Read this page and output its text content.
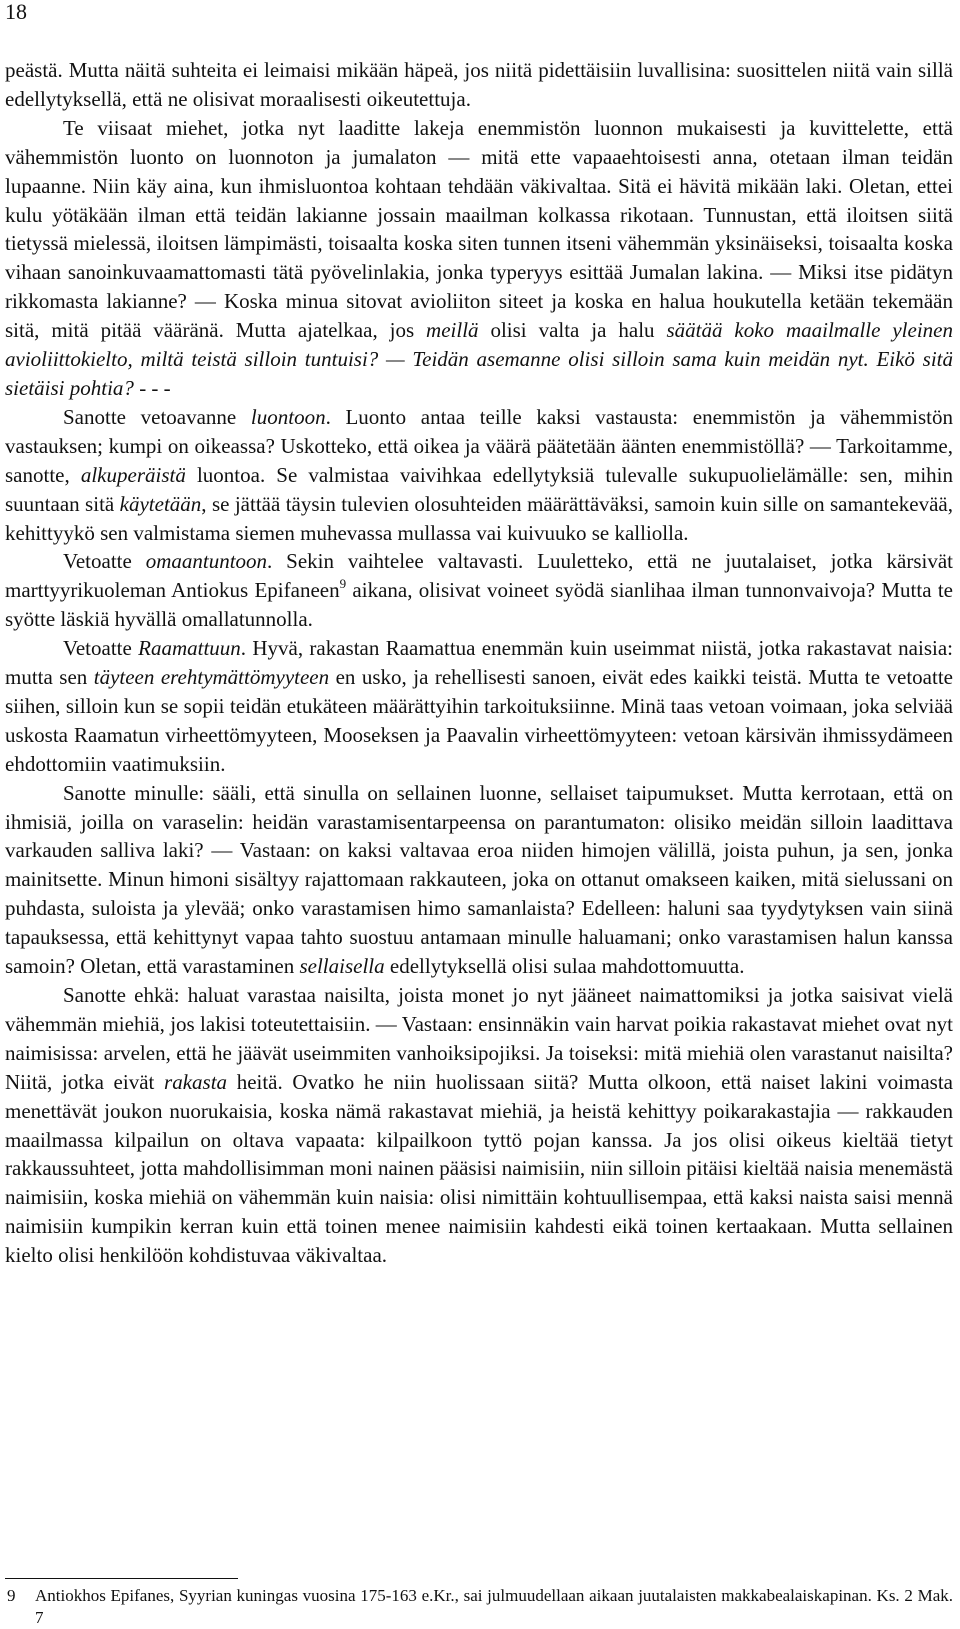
18

peästä. Mutta näitä suhteita ei leimaisi mikään häpeä, jos niitä pidettäisiin luvallisina: suosittelen niitä vain sillä edellytyksellä, että ne olisivat moraalisesti oikeutettuja.

Te viisaat miehet, jotka nyt laaditte lakeja enemmistön luonnon mukaisesti ja kuvittelette, että vähemmistön luonto on luonnoton ja jumalaton — mitä ette vapaaehtoisesti anna, otetaan ilman teidän lupaanne. Niin käy aina, kun ihmisluontoa kohtaan tehdään väkivaltaa. Sitä ei hävitä mikään laki. Oletan, ettei kulu yötäkään ilman että teidän lakianne jossain maailman kolkassa rikotaan. Tunnustan, että iloitsen siitä tietyssä mielessä, iloitsen lämpimästi, toisaalta koska siten tunnen itseni vähemmän yksinäiseksi, toisaalta koska vihaan sanoinkuvaamattomasti tätä pyövelinlakia, jonka typeryys esittää Jumalan lakina. — Miksi itse pidätyn rikkomasta lakianne? — Koska minua sitovat avioliiton siteet ja koska en halua houkutella ketään tekemään sitä, mitä pitää vääränä. Mutta ajatelkaa, jos meillä olisi valta ja halu säätää koko maailmalle yleinen avioliittokielto, miltä teistä silloin tuntuisi? — Teidän asemanne olisi silloin sama kuin meidän nyt. Eikö sitä sietäisi pohtia? - - -

Sanotte vetoavanne luontoon. Luonto antaa teille kaksi vastausta: enemmistön ja vähemmistön vastauksen; kumpi on oikeassa? Uskotteko, että oikea ja väärä päätetään äänten enemmistöllä? — Tarkoitamme, sanotte, alkuperäistä luontoa. Se valmistaa vaivihkaa edellytyksiä tulevalle sukupuolielämälle: sen, mihin suuntaan sitä käytetään, se jättää täysin tulevien olosuhteiden määrättäväksi, samoin kuin sille on samantekevää, kehittyykö sen valmistama siemen muhevassa mullassa vai kuivuuko se kalliolla.

Vetoatte omaantuntoon. Sekin vaihtelee valtavasti. Luuletteko, että ne juutalaiset, jotka kärsivät marttyyrikuoleman Antiokus Epifaneen$^9$ aikana, olisivat voineet syödä sianlihaa ilman tunnonvaivoja? Mutta te syötte läskiä hyvällä omallatunnolla.

Vetoatte Raamattuun. Hyvä, rakastan Raamattua enemmän kuin useimmat niistä, jotka rakastavat naisia: mutta sen täyteen erehtymättömyyteen en usko, ja rehellisesti sanoen, eivät edes kaikki teistä. Mutta te vetoatte siihen, silloin kun se sopii teidän etukäteen määrättyihin tarkoituksiinne. Minä taas vetoan voimaan, joka selviää uskosta Raamatun virheettömyyteen, Mooseksen ja Paavalin virheettömyyteen: vetoan kärsivän ihmissydämeen ehdottomiin vaatimuksiin.

Sanotte minulle: sääli, että sinulla on sellainen luonne, sellaiset taipumukset. Mutta kerrotaan, että on ihmisiä, joilla on varaselin: heidän varastamisentarpeensa on parantumaton: olisiko meidän silloin laadittava varkauden salliva laki? — Vastaan: on kaksi valtavaa eroa niiden himojen välillä, joista puhun, ja sen, jonka mainitsette. Minun himoni sisältyy rajattomaan rakkauteen, joka on ottanut omakseen kaiken, mitä sielussani on puhdasta, suloista ja ylevää; onko varastamisen himo samanlaista? Edelleen: haluni saa tyydytyksen vain siinä tapauksessa, että kehittynyt vapaa tahto suostuu antamaan minulle haluamani; onko varastamisen halun kanssa samoin? Oletan, että varastaminen sellaisella edellytyksellä olisi sulaa mahdottomuutta.

Sanotte ehkä: haluat varastaa naisilta, joista monet jo nyt jääneet naimattomiksi ja jotka saisivat vielä vähemmän miehiä, jos lakisi toteutettaisiin. — Vastaan: ensinnäkin vain harvat poikia rakastavat miehet ovat nyt naimisissa: arvelen, että he jäävät useimmiten vanhoiksipojiksi. Ja toiseksi: mitä miehiä olen varastanut naisilta? Niitä, jotka eivät rakasta heitä. Ovatko he niin huolissaan siitä? Mutta olkoon, että naiset lakini voimasta menettävät joukon nuorukaisia, koska nämä rakastavat miehiä, ja heistä kehittyy poikarakastajia — rakkauden maailmassa kilpailun on oltava vapaata: kilpailkoon tyttö pojan kanssa. Ja jos olisi oikeus kieltää tietyt rakkaussuhteet, jotta mahdollisimman moni nainen pääsisi naimisiin, niin silloin pitäisi kieltää naisia menemästä naimisiin, koska miehiä on vähemmän kuin naisia: olisi nimittäin kohtuullisempaa, että kaksi naista saisi mennä naimisiin kumpikin kerran kuin että toinen menee naimisiin kahdesti eikä toinen kertaakaan. Mutta sellainen kielto olisi henkilöön kohdistuvaa väkivaltaa.

9 Antiokhos Epifanes, Syyrian kuningas vuosina 175-163 e.Kr., sai julmuudellaan aikaan juutalaisten makkabealaiskapinan. Ks. 2 Mak. 7
